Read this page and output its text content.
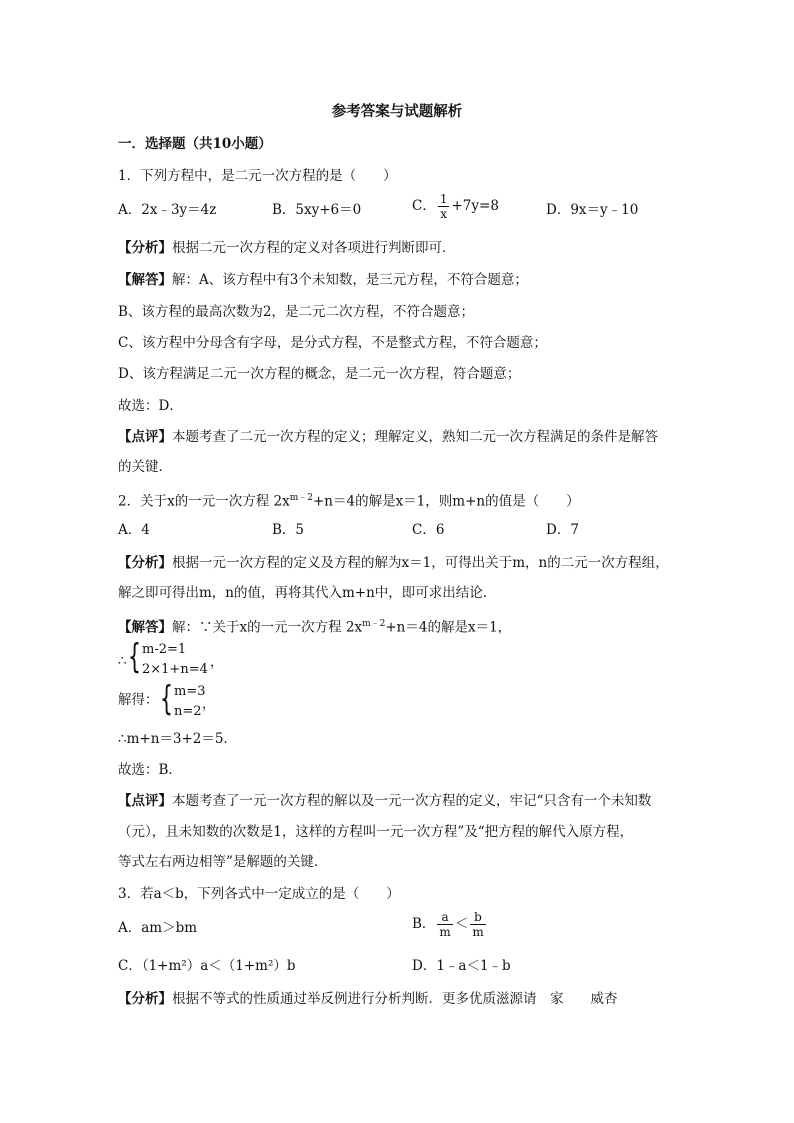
参考答案与试题解析
一．选择题（共10小题）
1．下列方程中，是二元一次方程的是（　　）
A．2x﹣3y＝4z	B．5xy+6＝0	C． $\frac{1}{x} +7y=8$	D．9x＝y﹣10
【分析】根据二元一次方程的定义对各项进行判断即可．
【解答】解：A、该方程中有3个未知数，是三元方程，不符合题意；
B、该方程的最高次数为2，是二元二次方程，不符合题意；
C、该方程中分母含有字母，是分式方程，不是整式方程，不符合题意；
D、该方程满足二元一次方程的概念，是二元一次方程，符合题意；
故选：D．
【点评】本题考查了二元一次方程的定义；理解定义，熟知二元一次方程满足的条件是解答
的关键．
2．关于x的一元一次方程 $2x^{m﹣2}+n=4$的解是x＝1，则m+n的值是（　　）
A．4	B．5	C．6	D．7
【分析】根据一元一次方程的定义及方程的解为x＝1，可得出关于m，n的二元一次方程组，
解之即可得出m，n的值，再将其代入m+n中，即可求出结论．
【解答】解：∵关于x的一元一次方程 $2x^{m﹣2}+n=4$的解是x＝1，
∴ { m-2=1
2×1+n=4 ，
解得： { m=3
n=2 ，
∴m+n＝3+2＝5．
故选：B．
【点评】本题考查了一元一次方程的解以及一元一次方程的定义，牢记“只含有一个未知数
（元），且未知数的次数是1，这样的方程叫一元一次方程”及“把方程的解代入原方程，
等式左右两边相等”是解题的关键．
3．若a＜b，下列各式中一定成立的是（　　）
A．am＞bm	B． $\frac{a}{m} < \frac{b}{m}$
C．（1+m²）a＜（1+m²）b	D．1﹣a＜1﹣b
【分析】根据不等式的性质通过举反例进行分析判断．更多优质滋源请　家　　威杏
